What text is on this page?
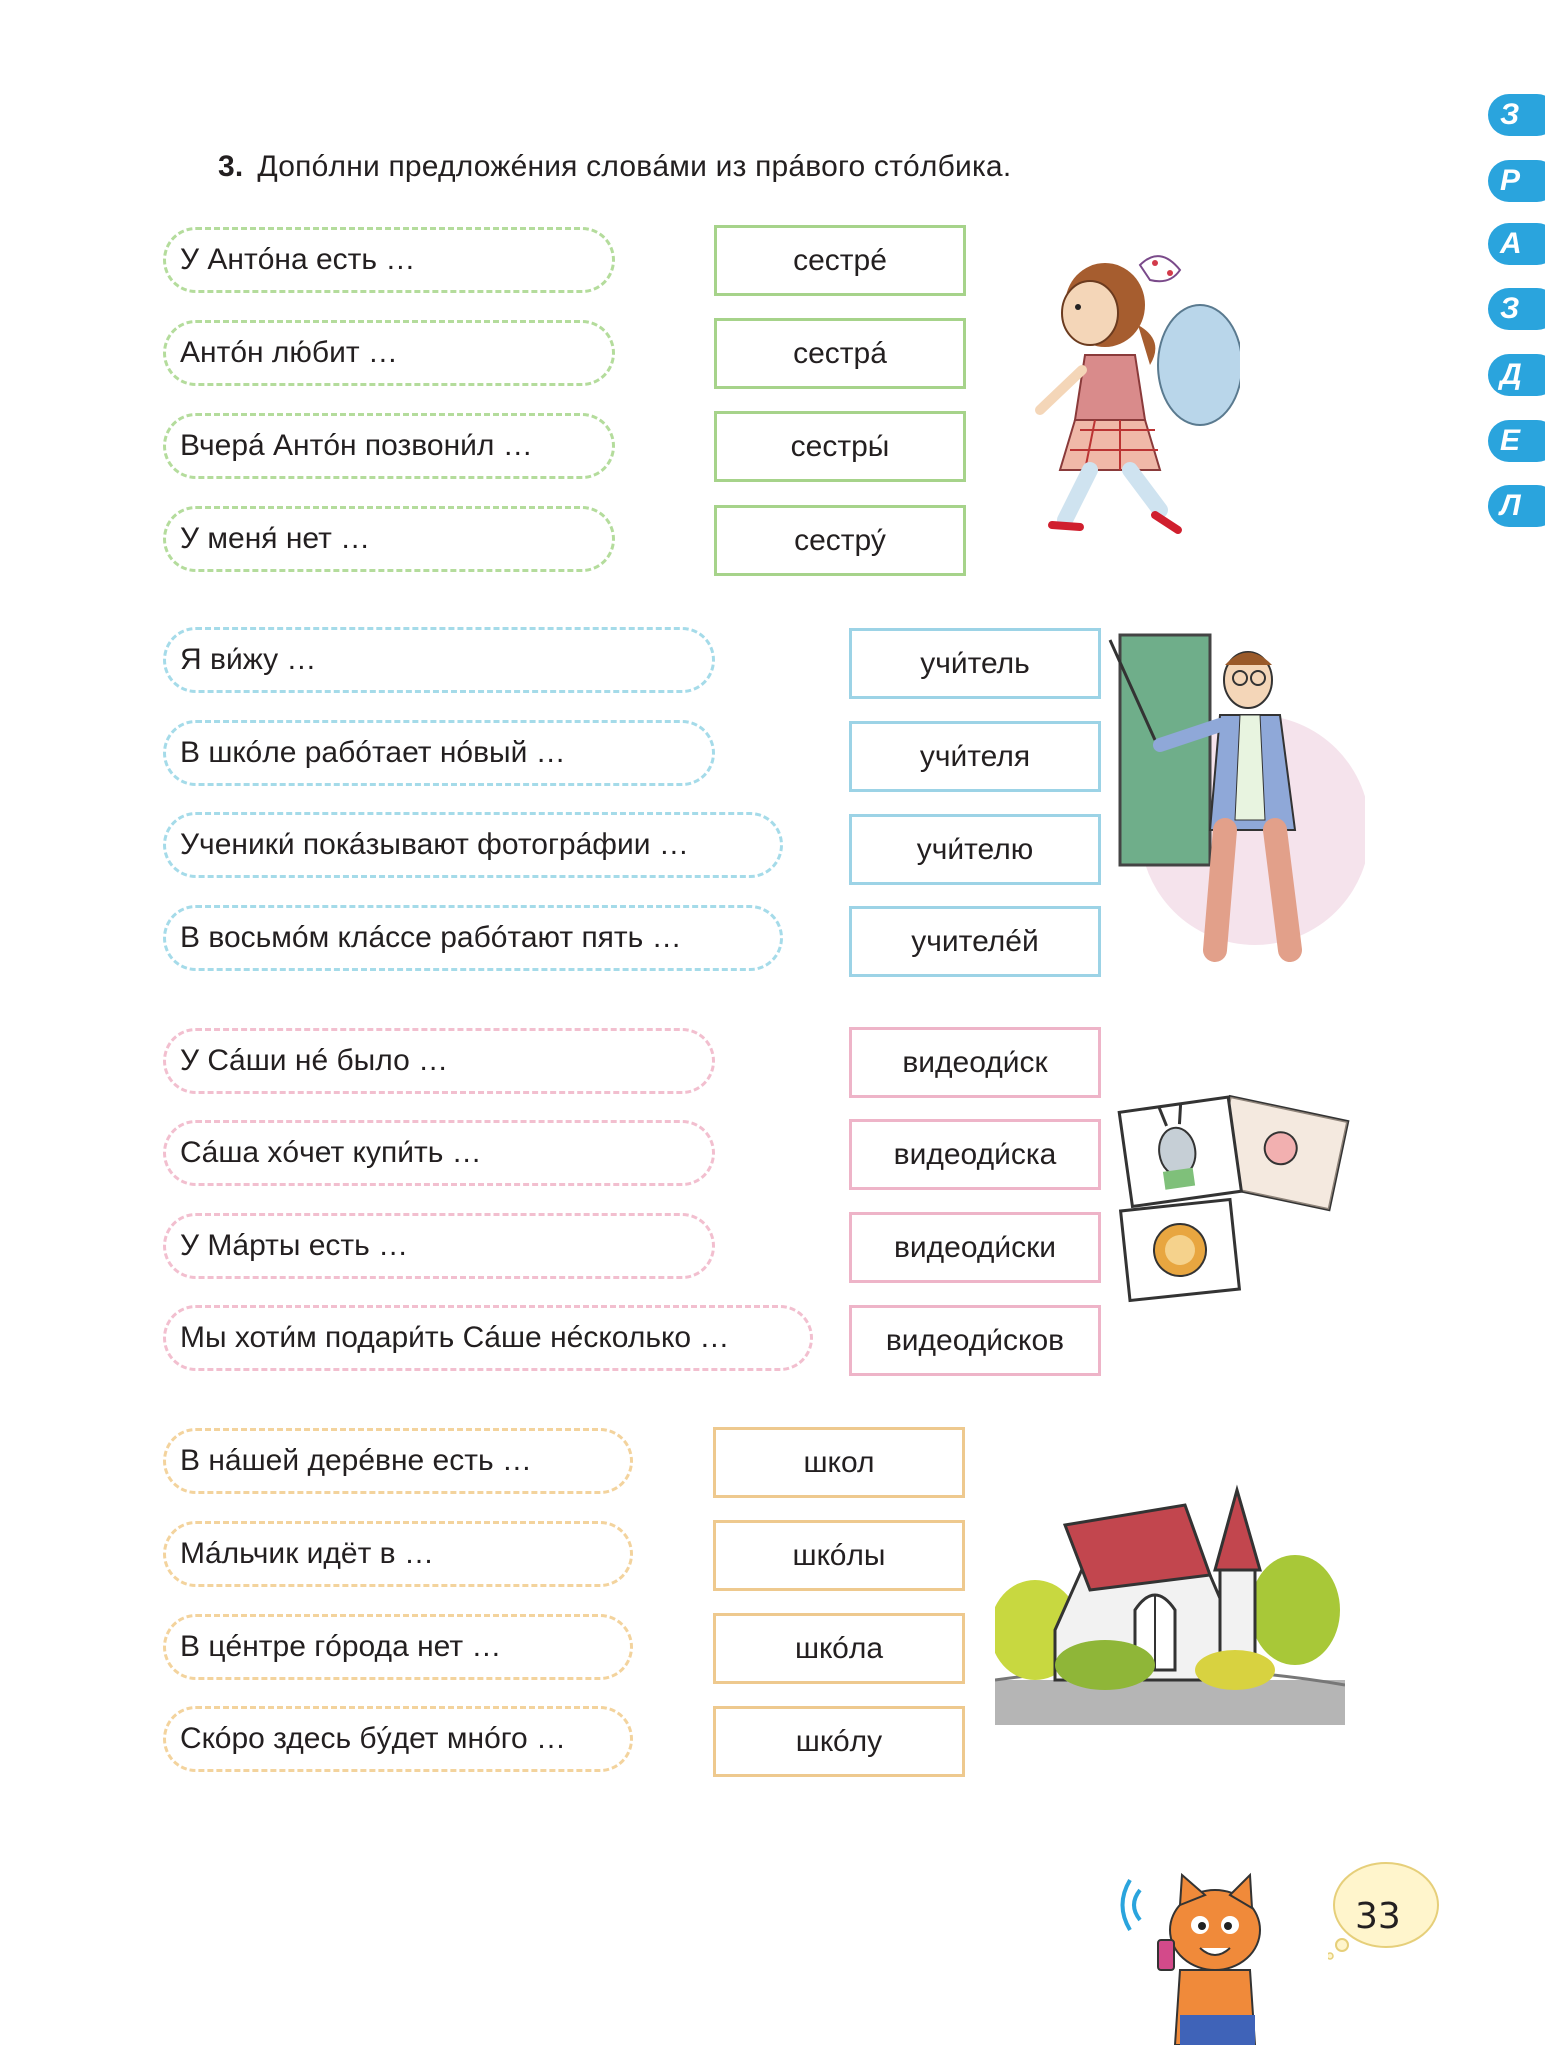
3. Допóлни предложéния словáми из прáвого стóлбика.
З
Р
А
З
Д
Е
Л
У Антóна есть …
Антóн лю́бит …
Вчерá Антóн позвони́л …
У меня́ нет …
сестрé
сестрá
сестры́
сестру́
Я ви́жу …
В шкóле рабóтает нóвый …
Ученики́ покáзывают фотогрáфии …
В восьмóм клáссе рабóтают пять …
учи́тель
учи́теля
учи́телю
учителéй
У Сáши нé было …
Сáша хóчет купи́ть …
У Мáрты есть …
Мы хоти́м подари́ть Сáше нéсколько …
видеоди́ск
видеоди́ска
видеоди́ски
видеоди́сков
В нáшей дерéвне есть …
Мáльчик идёт в …
В цéнтре гóрода нет …
Скóро здесь бýдет мнóго …
школ
шкóлы
шкóла
шкóлу
33
